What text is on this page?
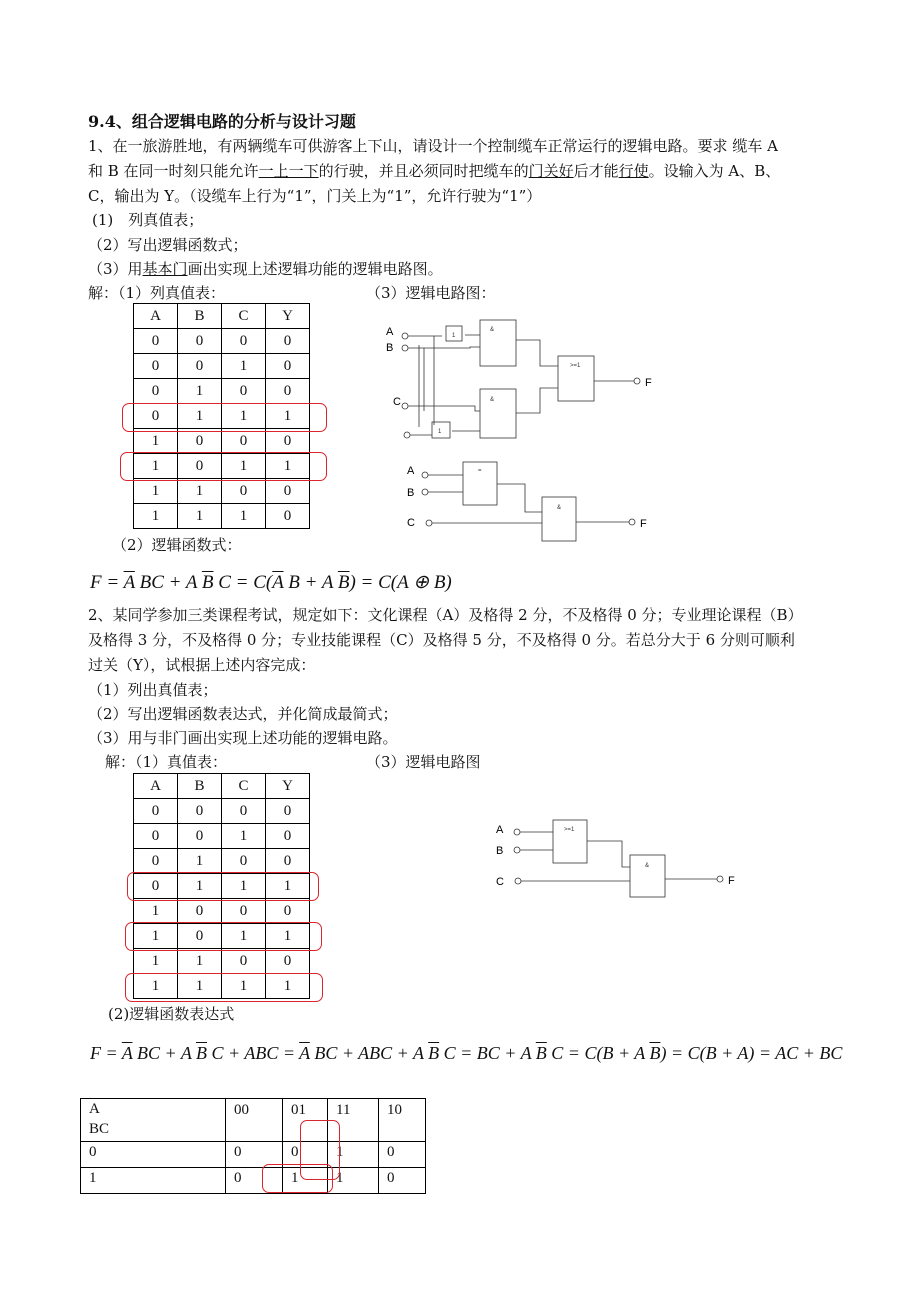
9.4、组合逻辑电路的分析与设计习题
1、在一旅游胜地，有两辆缆车可供游客上下山，请设计一个控制缆车正常运行的逻辑电路。要求 缆车 A
和 B 在同一时刻只能允许一上一下的行驶，并且必须同时把缆车的门关好后才能行使。设输入为 A、B、
C，输出为 Y。（设缆车上行为“1”，门关上为“1”，允许行驶为“1”）
(1)　列真值表；
（2）写出逻辑函数式；
（3）用基本门画出实现上述逻辑功能的逻辑电路图。
解：（1）列真值表：	（3）逻辑电路图：
A	B	C	Y
0	0	0	0
0	0	1	0
0	1	0	0
0	1	1	1
1	0	0	0
1	0	1	1
1	1	0	0
1	1	1	0
（2）逻辑函数式：
$F = \overline{A}$ BC + A $\overline{B}$ $C = C(\overline{A}$ B + A $\overline{B}) = C(A$ ⊕ B)
A
B
C
F
1
1
&
&
>=1
A
B
C	F
=
&
2、某同学参加三类课程考试，规定如下：文化课程（A）及格得 2 分，不及格得 0 分；专业理论课程（B）
及格得 3 分，不及格得 0 分；专业技能课程（C）及格得 5 分，不及格得 0 分。若总分大于 6 分则可顺利
过关（Y），试根据上述内容完成：
（1）列出真值表；
（2）写出逻辑函数表达式，并化简成最简式；
（3）用与非门画出实现上述功能的逻辑电路。
解：（1）真值表：	（3）逻辑电路图
A	B	C	Y
0	0	0	0
0	0	1	0
0	1	0	0
0	1	1	1
1	0	0	0
1	0	1	1
1	1	0	0
1	1	1	1
(2)逻辑函数表达式
A
B
C	F
>=1
&
$F = \overline{A}$ BC + A $\overline{B}$ C + ABC = $\overline{A}$ BC + ABC + A $\overline{B}$ C = BC + A $\overline{B}$ C = C(B + A $\overline{B}) = C(B + A)$ = AC + BC
A
BC	00	01	11	10
0	0	0	1	0
1	0	1	1	0
